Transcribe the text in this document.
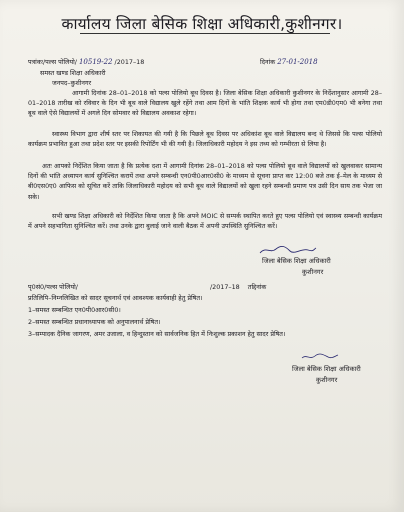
कार्यालय जिला बेसिक शिक्षा अधिकारी,कुशीनगर।
पत्रांकः/पल्स पोलियो/ 10519-22 /2017–18	दिनांक 27-01-2018
समस्त खण्ड शिक्षा अधिकारी
जनपद–कुशीनगर
आगामी दिनांक 28–01–2018 को पल्स पोलियो बूथ दिवस है। जिला बेसिक शिक्षा अधिकारी कुशीनगर के निर्देशानुसार आगामी 28–01–2018 तारीख को रविवार के दिन भी बूथ वाले विद्यालय खुले रहेंगे तथा आम दिनों के भांति शिक्षक कार्य भी होगा तथा एम0डी0एम0 भी बनेगा तथा बूथ वाले ऐसे विद्यालयों में अगले दिन सोमवार को विद्यालय अवकाश रहेगा।
स्वास्थ्य विभाग द्वारा शीर्ष स्तर पर शिकायत की गयी है कि पिछले बूथ दिवस पर अधिकांश बूथ वाले विद्यालय बन्द थे जिससे कि पल्स पोलियो कार्यक्रम प्रभावित हुआ तथा प्रदेश स्तर पर इसकी रिपोर्टिंग भी की गयी है। जिलाधिकारी महोदय ने इस तथ्य को गम्भीरता से लिया है।
अतः आपको निर्देशित किया जाता है कि प्रत्येक दशा में आगामी दिनांक 28–01–2018 को पल्स पोलियो बूथ वाले विद्यालयों को खुलवाकर सामान्य दिनों की भांति अध्यापन कार्य सुनिश्चित करायें तथा अपने सम्बन्धी एन0पी0आर0सी0 के माध्यम से सूचना प्राप्त कर 12:00 बजे तक ई–मेल के माध्यम से बी0एस0ए0 आफिस को सूचित करें ताकि जिलाधिकारी महोदय को सभी बूथ वाले विद्यालयों को खुला रहने सम्बन्धी प्रमाण पत्र उसी दिन साय तक भेजा जा सके।
सभी खण्ड शिक्षा अधिकारी को निर्देशित किया जाता है कि अपने MOIC से सम्पर्क स्थापित करते हुए पल्स पोलियो एवं स्वास्थ्य सम्बन्धी कार्यक्रम में अपने सहभागिता सुनिश्चित करें। तथा उनके द्वारा बुलाई जाने वाली बैठक में अपनी उपस्थिति सुनिश्चित करें।
जिला बेसिक शिक्षा अधिकारी
कुशीनगर
पृ0सं0/पल्स पोलियो/	/2017–18 तद्दिनांक
प्रतिलिपि–निम्नलिखित को सादर सूचनार्थ एवं आवश्यक कार्यवाही हेतु प्रेषित।
1–समस्त सम्बन्धित एन0पी0आर0सी0।
2–समस्त सम्बन्धित प्रधानाध्यापक को अनुपालनार्थ प्रेषित।
3–सम्पादक दैनिक जागरण, अमर उजाला, व हिन्दुस्तान को सार्वजनिक हित में निःशुल्क प्रकाशन हेतु सादर प्रेषित।
जिला बेसिक शिक्षा अधिकारी
कुशीनगर
